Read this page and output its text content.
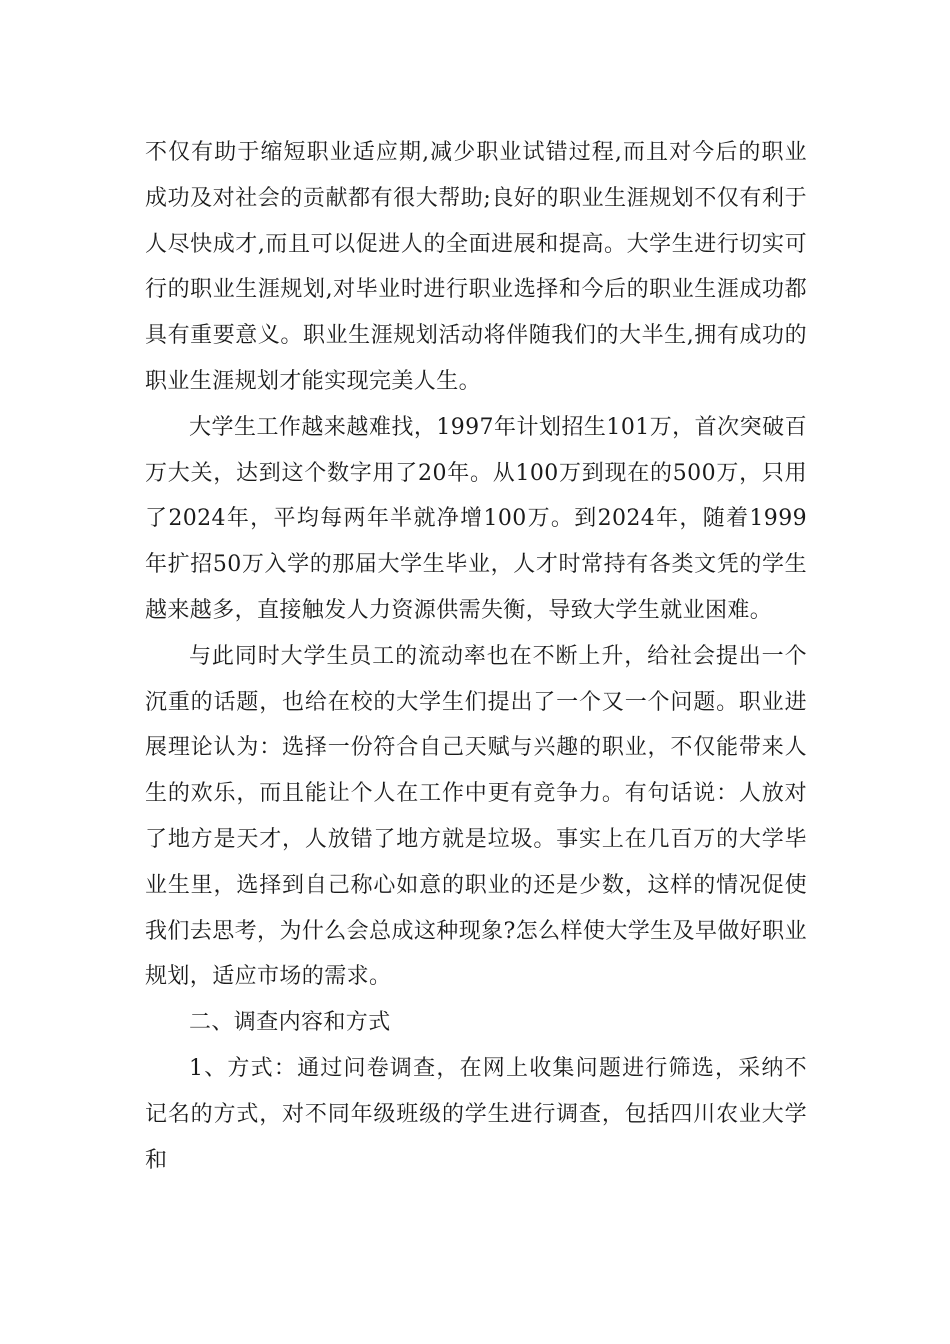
不仅有助于缩短职业适应期,减少职业试错过程,而且对今后的职业成功及对社会的贡献都有很大帮助;良好的职业生涯规划不仅有利于人尽快成才,而且可以促进人的全面进展和提高。大学生进行切实可行的职业生涯规划,对毕业时进行职业选择和今后的职业生涯成功都具有重要意义。职业生涯规划活动将伴随我们的大半生,拥有成功的职业生涯规划才能实现完美人生。

大学生工作越来越难找，1997年计划招生101万，首次突破百万大关，达到这个数字用了20年。从100万到现在的500万，只用了2024年，平均每两年半就净增100万。到2024年，随着1999年扩招50万入学的那届大学生毕业，人才时常持有各类文凭的学生越来越多，直接触发人力资源供需失衡，导致大学生就业困难。

与此同时大学生员工的流动率也在不断上升，给社会提出一个沉重的话题，也给在校的大学生们提出了一个又一个问题。职业进展理论认为：选择一份符合自己天赋与兴趣的职业，不仅能带来人生的欢乐，而且能让个人在工作中更有竞争力。有句话说：人放对了地方是天才，人放错了地方就是垃圾。事实上在几百万的大学毕业生里，选择到自己称心如意的职业的还是少数，这样的情况促使我们去思考，为什么会总成这种现象?怎么样使大学生及早做好职业规划，适应市场的需求。

二、调查内容和方式

1、方式：通过问卷调查，在网上收集问题进行筛选，采纳不记名的方式，对不同年级班级的学生进行调查，包括四川农业大学和
